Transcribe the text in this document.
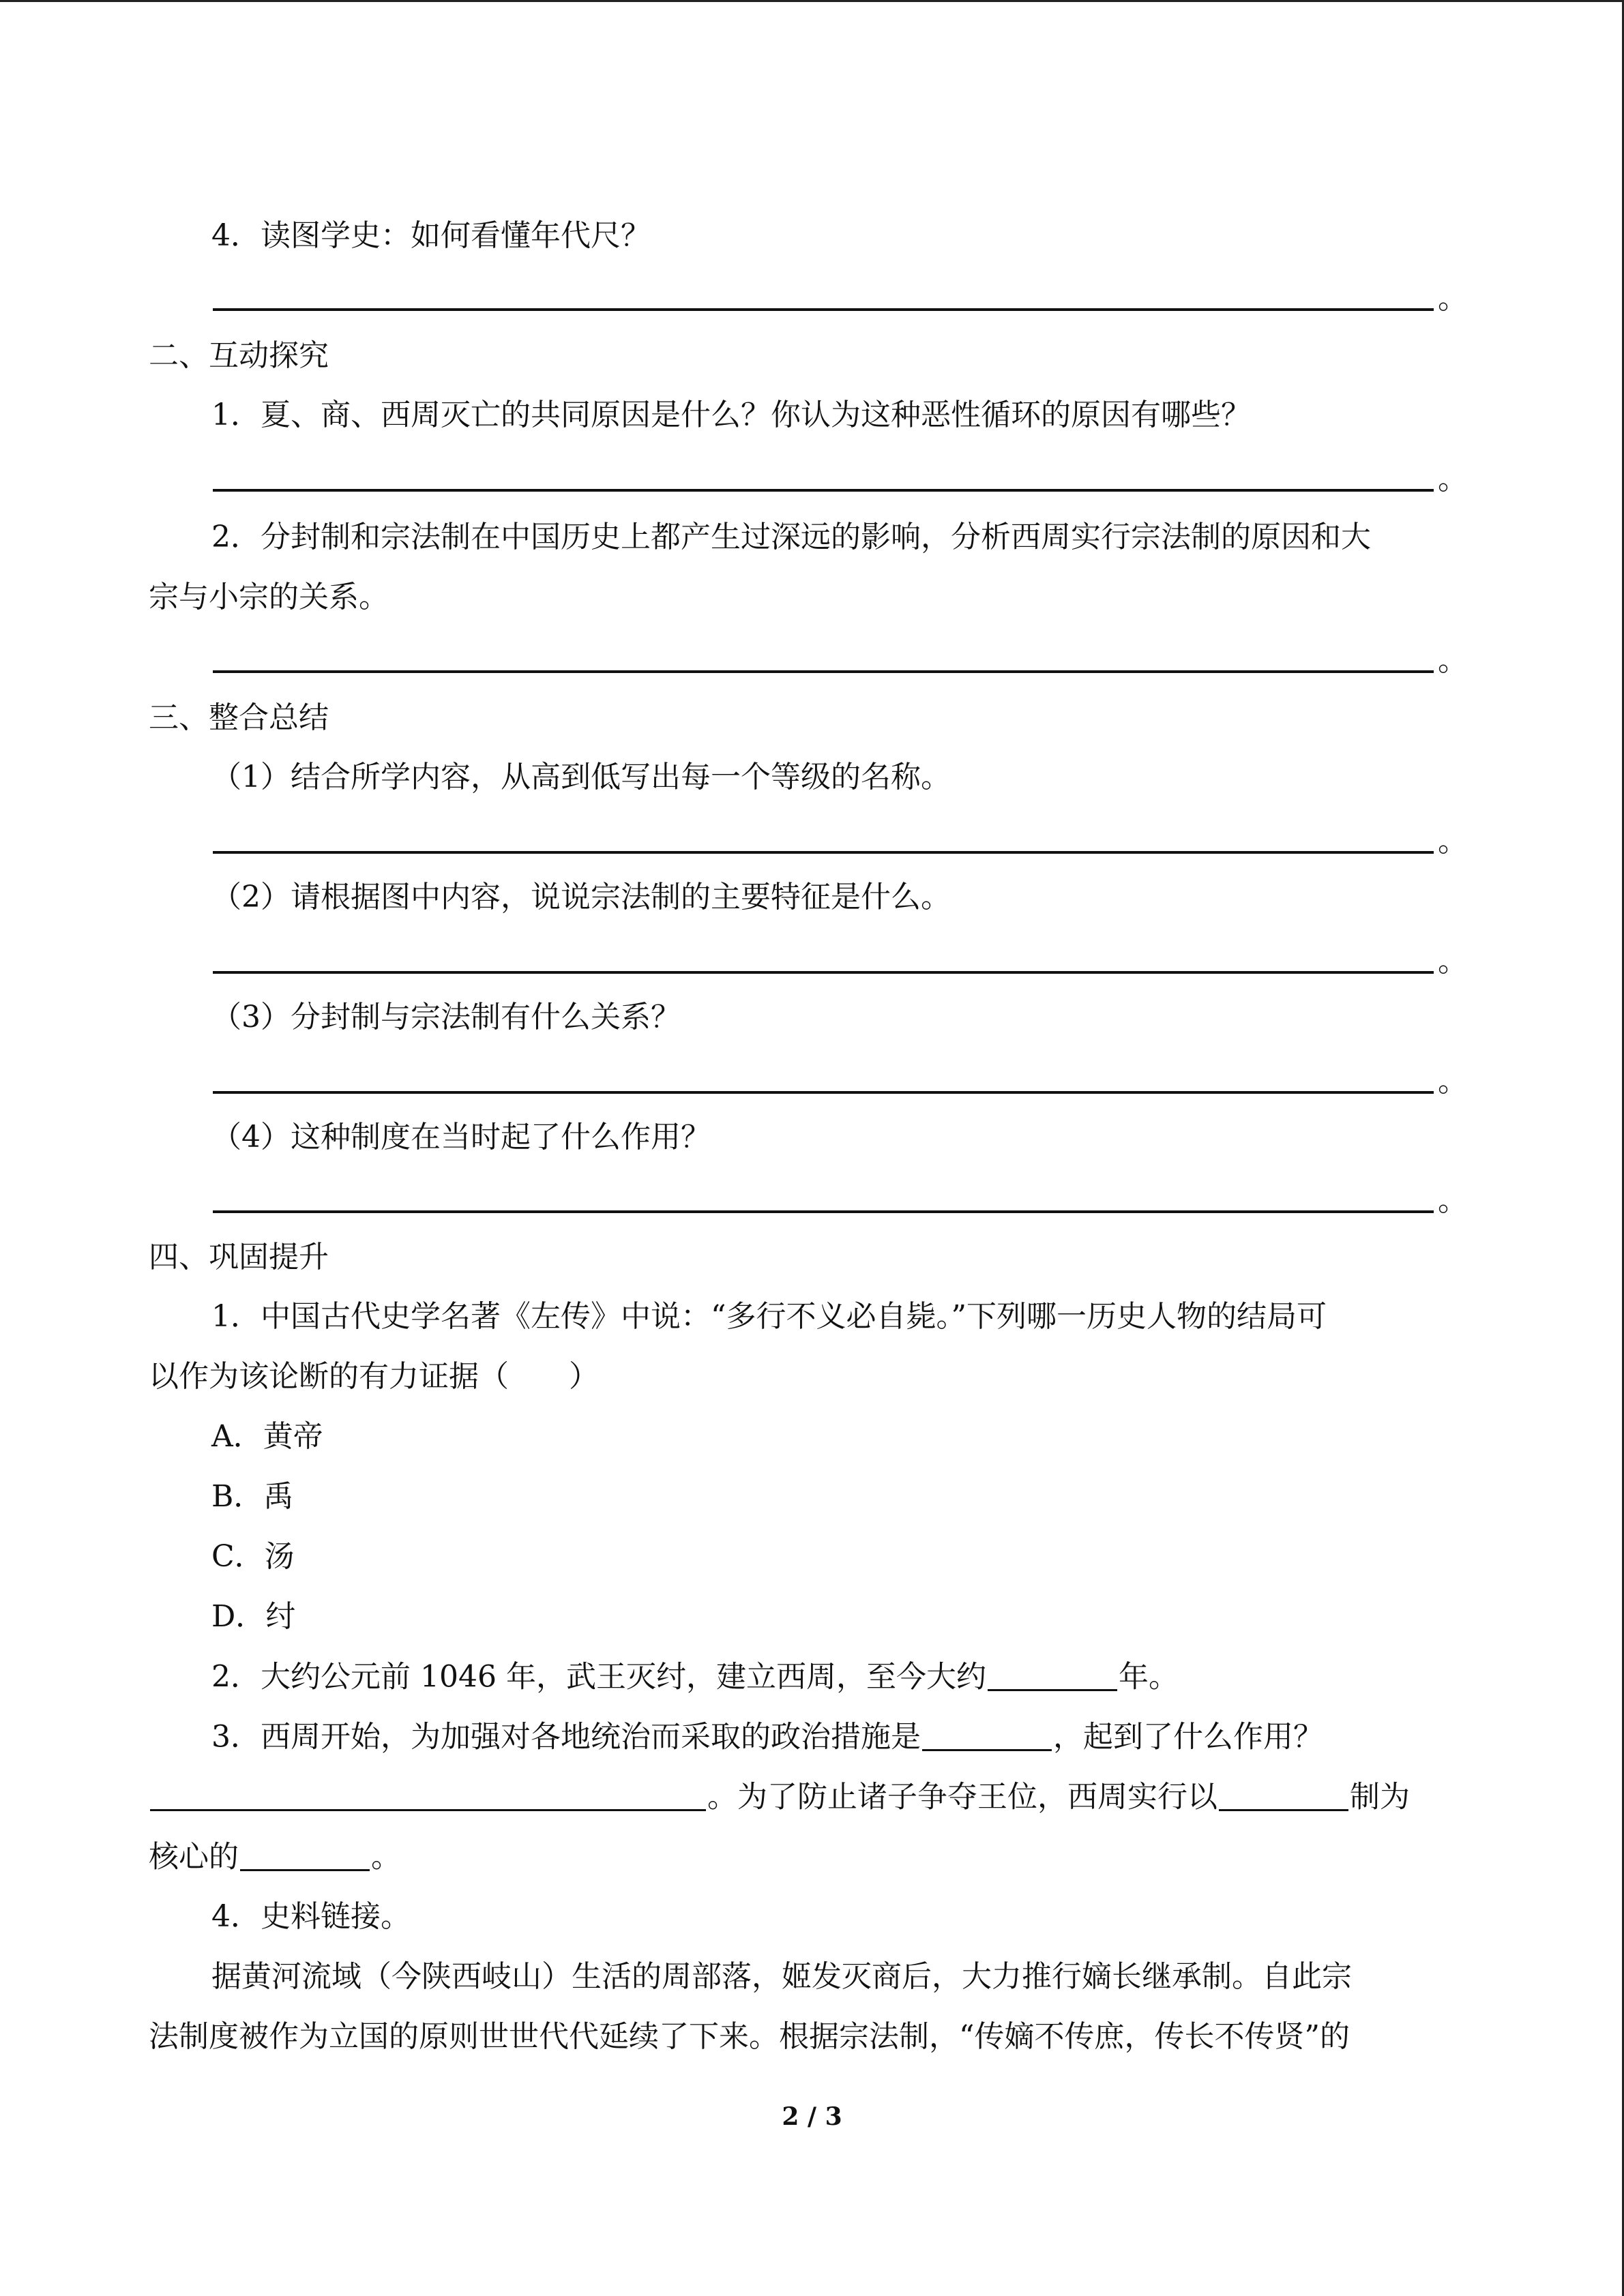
4．读图学史：如何看懂年代尺？
。
二、互动探究
1．夏、商、西周灭亡的共同原因是什么？你认为这种恶性循环的原因有哪些？
。
2．分封制和宗法制在中国历史上都产生过深远的影响，分析西周实行宗法制的原因和大
宗与小宗的关系。
。
三、整合总结
（1）结合所学内容，从高到低写出每一个等级的名称。
。
（2）请根据图中内容，说说宗法制的主要特征是什么。
。
（3）分封制与宗法制有什么关系？
。
（4）这种制度在当时起了什么作用？
。
四、巩固提升
1．中国古代史学名著《左传》中说：“多行不义必自毙。”下列哪一历史人物的结局可
以作为该论断的有力证据（　　）
A．黄帝
B．禹
C．汤
D．纣
2．大约公元前 1046 年，武王灭纣，建立西周，至今大约	年。
3．西周开始，为加强对各地统治而采取的政治措施是	，起到了什么作用？
。为了防止诸子争夺王位，西周实行以	制为
核心的	。
4．史料链接。
据黄河流域（今陕西岐山）生活的周部落，姬发灭商后，大力推行嫡长继承制。自此宗
法制度被作为立国的原则世世代代延续了下来。根据宗法制，“传嫡不传庶，传长不传贤”的
2 / 3
